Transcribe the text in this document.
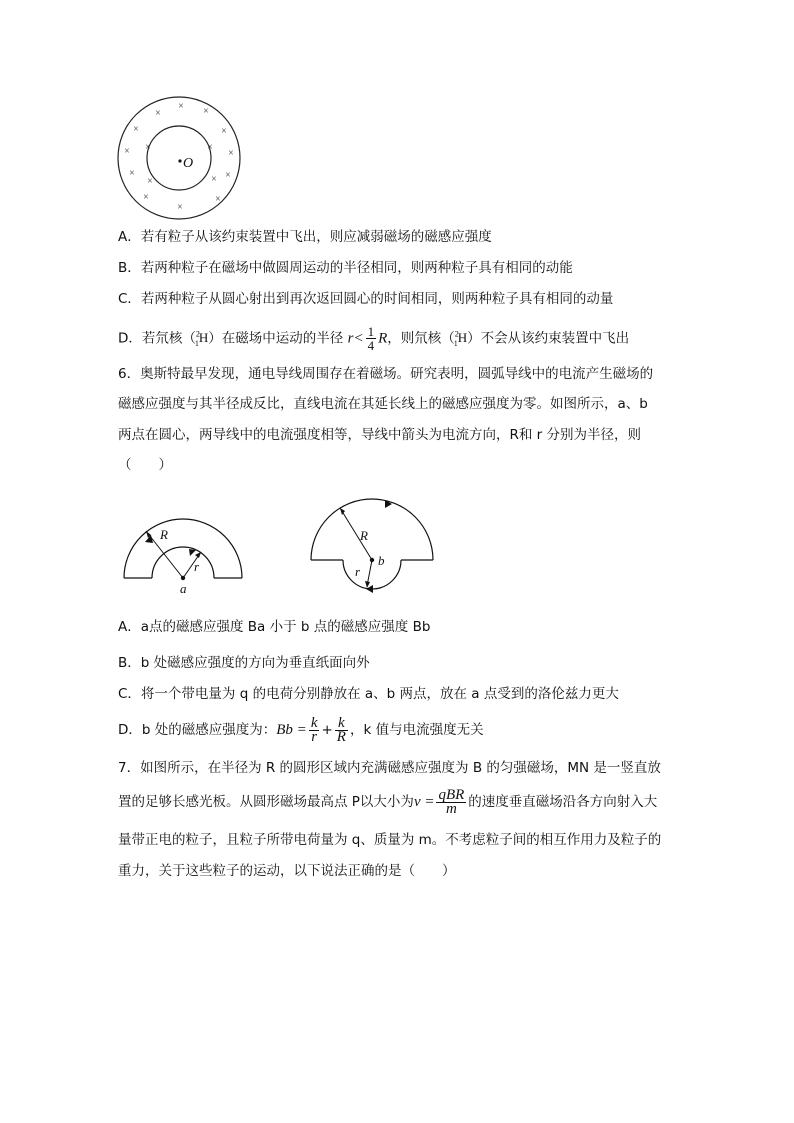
×
×	×
×	×
×	×
×	×
×	×
×	×
×	×
×
O
A．若有粒子从该约束装置中飞出，则应减弱磁场的磁感应强度
B．若两种粒子在磁场中做圆周运动的半径相同，则两种粒子具有相同的动能
C．若两种粒子从圆心射出到再次返回圆心的时间相同，则两种粒子具有相同的动量
D．若氘核（$^2_1$H）在磁场中运动的半径 $r< \frac{1}{4}$ R，则氘核（$^2_1$H）不会从该约束装置中飞出
6．奥斯特最早发现，通电导线周围存在着磁场。研究表明，圆弧导线中的电流产生磁场的
磁感应强度与其半径成反比，直线电流在其延长线上的磁感应强度为零。如图所示，a、b
两点在圆心，两导线中的电流强度相等，导线中箭头为电流方向，R和 r 分别为半径，则
（　　）
R
r
a
R
r
b
A．a点的磁感应强度 Ba 小于 b 点的磁感应强度 Bb
B．b 处磁感应强度的方向为垂直纸面向外
C．将一个带电量为 q 的电荷分别静放在 a、b 两点，放在 a 点受到的洛伦兹力更大
D．b 处的磁感应强度为：$Bb = \frac{k}{r} + \frac{k}{R}$ ，k 值与电流强度无关
7．如图所示，在半径为 R 的圆形区域内充满磁感应强度为 B 的匀强磁场，MN 是一竖直放
置的足够长感光板。从圆形磁场最高点 P以大小为$v = \frac{\text{qBR}}{m}$ 的速度垂直磁场沿各方向射入大
量带正电的粒子，且粒子所带电荷量为 q、质量为 m。不考虑粒子间的相互作用力及粒子的
重力，关于这些粒子的运动，以下说法正确的是（　　）
